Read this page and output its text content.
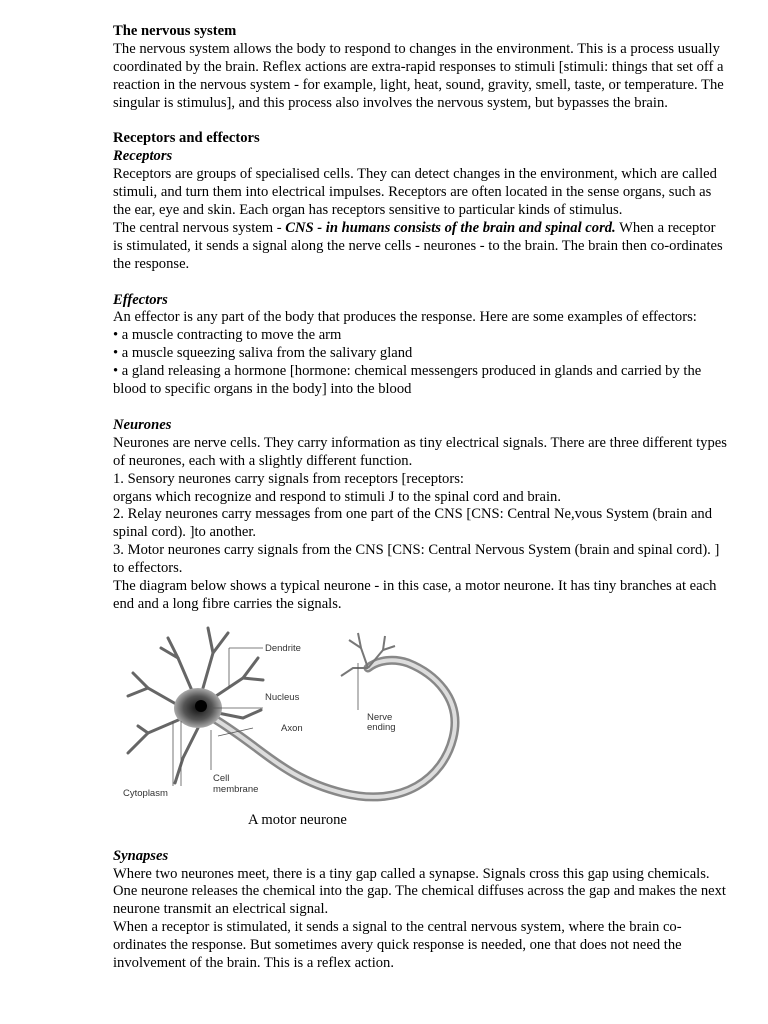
The nervous system

The nervous system allows the body to respond to changes in the environment. This is a process usually coordinated by the brain. Reflex actions are extra-rapid responses to stimuli [stimuli: things that set off a reaction in the nervous system - for example, light, heat, sound, gravity, smell, taste, or temperature. The singular is stimulus], and this process also involves the nervous system, but bypasses the brain.

Receptors and effectors

Receptors

Receptors are groups of specialised cells. They can detect changes in the environment, which are called stimuli, and turn them into electrical impulses. Receptors are often located in the sense organs, such as the ear, eye and skin. Each organ has receptors sensitive to particular kinds of stimulus.

The central nervous system - CNS - in humans consists of the brain and spinal cord. When a receptor is stimulated, it sends a signal along the nerve cells - neurones - to the brain. The brain then co-ordinates the response.

Effectors

An effector is any part of the body that produces the response. Here are some examples of effectors:

• a muscle contracting to move the arm

• a muscle squeezing saliva from the salivary gland

• a gland releasing a hormone [hormone: chemical messengers produced in glands and carried by the blood to specific organs in the body] into the blood

Neurones

Neurones are nerve cells. They carry information as tiny electrical signals. There are three different types of neurones, each with a slightly different function.

1. Sensory neurones carry signals from receptors [receptors:

organs which recognize and respond to stimuli J to the spinal cord and brain.

2. Relay neurones carry messages from one part of the CNS [CNS: Central Ne,vous System (brain and spinal cord). ]to another.

3. Motor neurones carry signals from the CNS [CNS: Central Nervous System (brain and spinal cord). ] to effectors.

The diagram below shows a typical neurone - in this case, a motor neurone. It has tiny branches at each end and a long fibre carries the signals.

Dendrite
Nucleus
Axon
Nerve
ending
Cytoplasm
Cell
membrane

A motor neurone

Synapses

Where two neurones meet, there is a tiny gap called a synapse. Signals cross this gap using chemicals. One neurone releases the chemical into the gap. The chemical diffuses across the gap and makes the next neurone transmit an electrical signal.

When a receptor is stimulated, it sends a signal to the central nervous system, where the brain co-ordinates the response. But sometimes avery quick response is needed, one that does not need the involvement of the brain. This is a reflex action.
